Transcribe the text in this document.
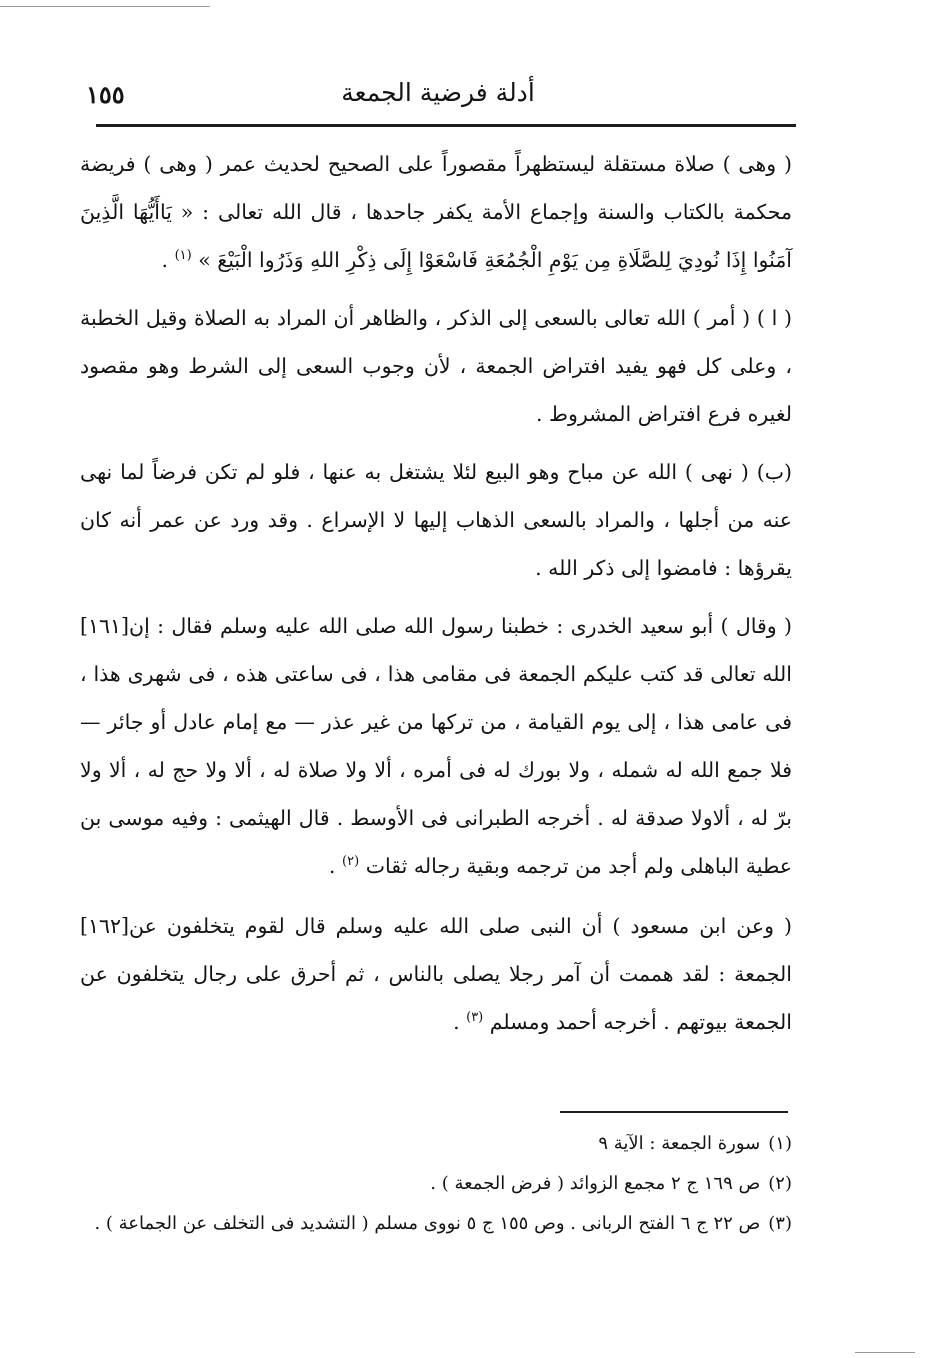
أدلة فرضية الجمعة
١٥٥

( وهى ) صلاة مستقلة ليستظهراً مقصوراً على الصحيح لحديث عمر ( وهى ) فريضة محكمة بالكتاب والسنة وإجماع الأمة يكفر جاحدها ، قال الله تعالى : « يَاأَيُّهَا الَّذِينَ آمَنُوا إِذَا نُودِيَ لِلصَّلَاةِ مِن يَوْمِ الْجُمُعَةِ فَاسْعَوْا إِلَى ذِكْرِ اللهِ وَذَرُوا الْبَيْعَ » $^{(١)}$ .

( ا ) ( أمر ) الله تعالى بالسعى إلى الذكر ، والظاهر أن المراد به الصلاة وقيل الخطبة ، وعلى كل فهو يفيد افتراض الجمعة ، لأن وجوب السعى إلى الشرط وهو مقصود لغيره فرع افتراض المشروط .

(ب) ( نهى ) الله عن مباح وهو البيع لئلا يشتغل به عنها ، فلو لم تكن فرضاً لما نهى عنه من أجلها ، والمراد بالسعى الذهاب إليها لا الإسراع . وقد ورد عن عمر أنه كان يقرؤها : فامضوا إلى ذكر الله .

[١٦١] ( وقال ) أبو سعيد الخدرى : خطبنا رسول الله صلى الله عليه وسلم فقال : إن الله تعالى قد كتب عليكم الجمعة فى مقامى هذا ، فى ساعتى هذه ، فى شهرى هذا ، فى عامى هذا ، إلى يوم القيامة ، من تركها من غير عذر — مع إمام عادل أو جائر — فلا جمع الله له شمله ، ولا بورك له فى أمره ، ألا ولا صلاة له ، ألا ولا حج له ، ألا ولا برّ له ، ألاولا صدقة له . أخرجه الطبرانى فى الأوسط . قال الهيثمى : وفيه موسى بن عطية الباهلى ولم أجد من ترجمه وبقية رجاله ثقات $^{(٢)}$ .

[١٦٢] ( وعن ابن مسعود ) أن النبى صلى الله عليه وسلم قال لقوم يتخلفون عن الجمعة : لقد هممت أن آمر رجلا يصلى بالناس ، ثم أحرق على رجال يتخلفون عن الجمعة بيوتهم . أخرجه أحمد ومسلم $^{(٣)}$ .

(١)سورة الجمعة : الآية ٩

(٢)ص ١٦٩ ج ٢ مجمع الزوائد ( فرض الجمعة ) .

(٣)ص ٢٢ ج ٦ الفتح الربانى . وص ١٥٥ ج ٥ نووى مسلم ( التشديد فى التخلف عن الجماعة ) .
